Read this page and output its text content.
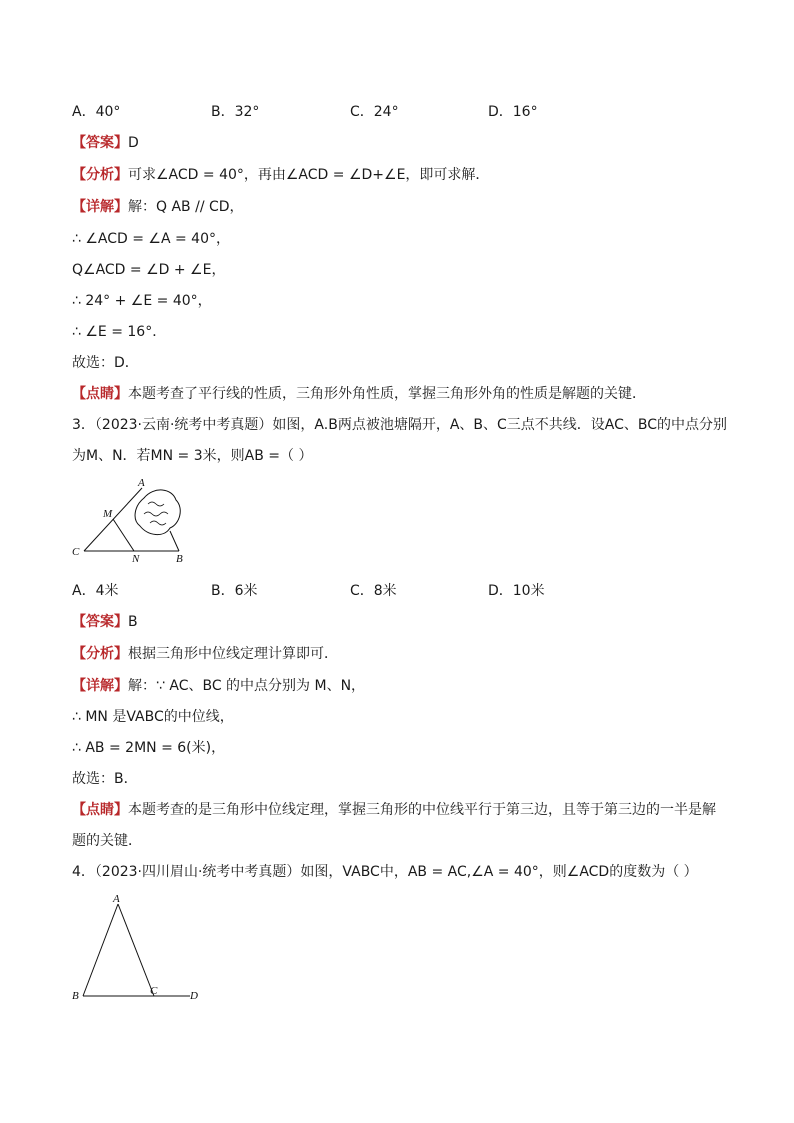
A．40°	B．32°	C．24°	D．16°
【答案】D
【分析】可求∠ACD = 40°，再由∠ACD = ∠D+∠E，即可求解．
【详解】解：Q AB // CD，
∴ ∠ACD = ∠A = 40°，
Q∠ACD = ∠D + ∠E，
∴ 24° + ∠E = 40°，
∴ ∠E = 16°．
故选：D．
【点睛】本题考查了平行线的性质，三角形外角性质，掌握三角形外角的性质是解题的关键．
3．（2023·云南·统考中考真题）如图，A.B两点被池塘隔开，A、B、C三点不共线．设AC、BC的中点分别
为M、N．若MN = 3米，则AB =（ ）
A
M
C
N	B
A．4米	B．6米	C．8米	D．10米
【答案】B
【分析】根据三角形中位线定理计算即可．
【详解】解：∵ AC、BC 的中点分别为 M、N，
∴ MN 是VABC的中位线，
∴ AB = 2MN = 6(米)，
故选：B．
【点睛】本题考查的是三角形中位线定理，掌握三角形的中位线平行于第三边，且等于第三边的一半是解
题的关键．
4．（2023·四川眉山·统考中考真题）如图，VABC中，AB = AC,∠A = 40°，则∠ACD的度数为（ ）
A
B	C	D
